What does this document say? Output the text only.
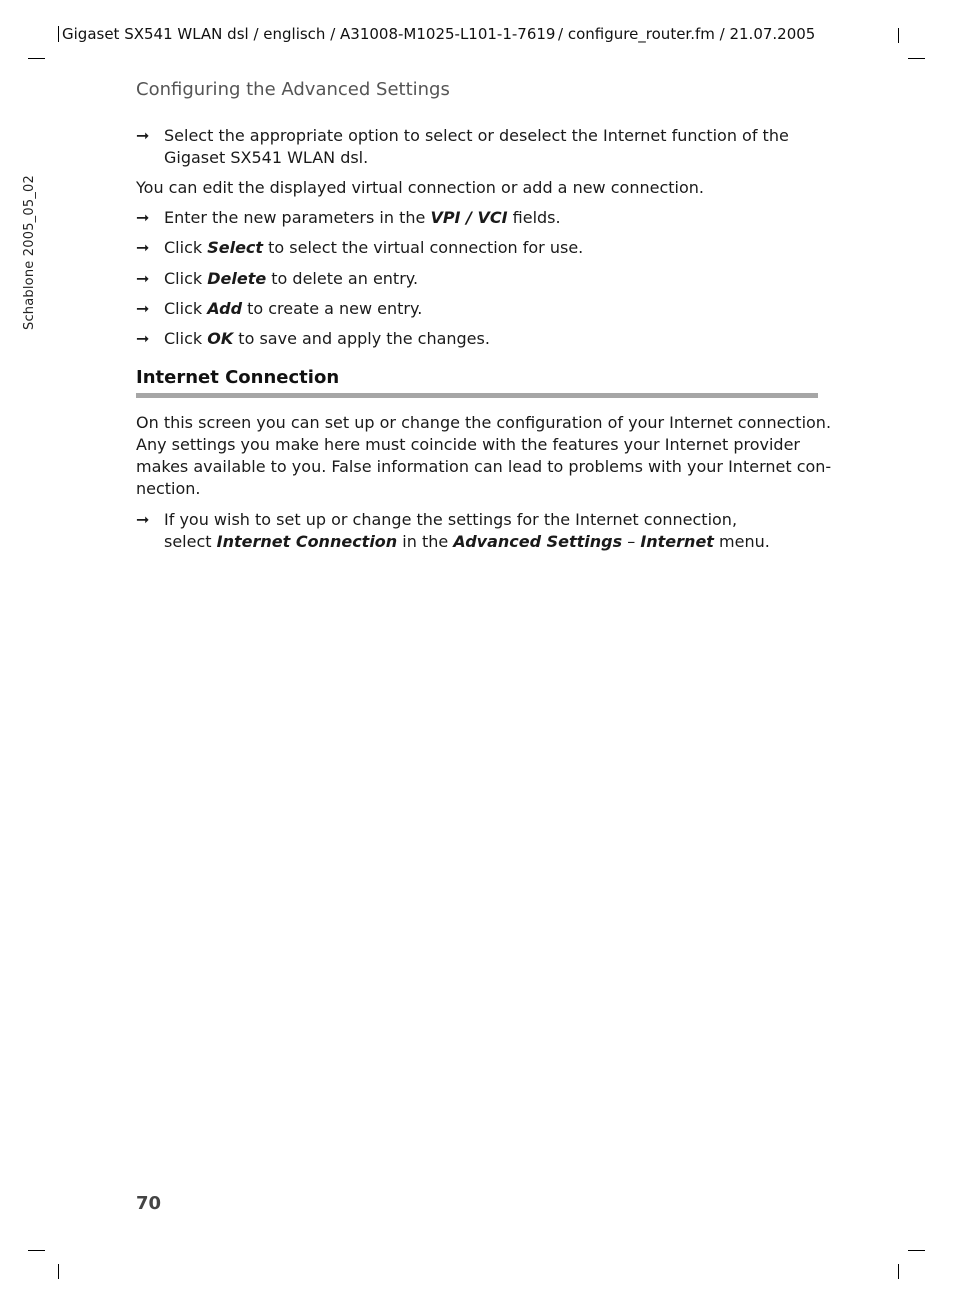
Gigaset SX541 WLAN dsl / englisch / A31008-M1025-L101-1-7619 / configure_router.fm / 21.07.2005
Schablone 2005_05_02
Configuring the Advanced Settings
➞ Select the appropriate option to select or deselect the Internet function of the Gigaset SX541 WLAN dsl.
You can edit the displayed virtual connection or add a new connection.
➞ Enter the new parameters in the VPI / VCI fields.
➞ Click Select to select the virtual connection for use.
➞ Click Delete to delete an entry.
➞ Click Add to create a new entry.
➞ Click OK to save and apply the changes.
Internet Connection
On this screen you can set up or change the configuration of your Internet connection.
Any settings you make here must coincide with the features your Internet provider
makes available to you. False information can lead to problems with your Internet con-
nection.
➞ If you wish to set up or change the settings for the Internet connection,
select Internet Connection in the Advanced Settings – Internet menu.
70
